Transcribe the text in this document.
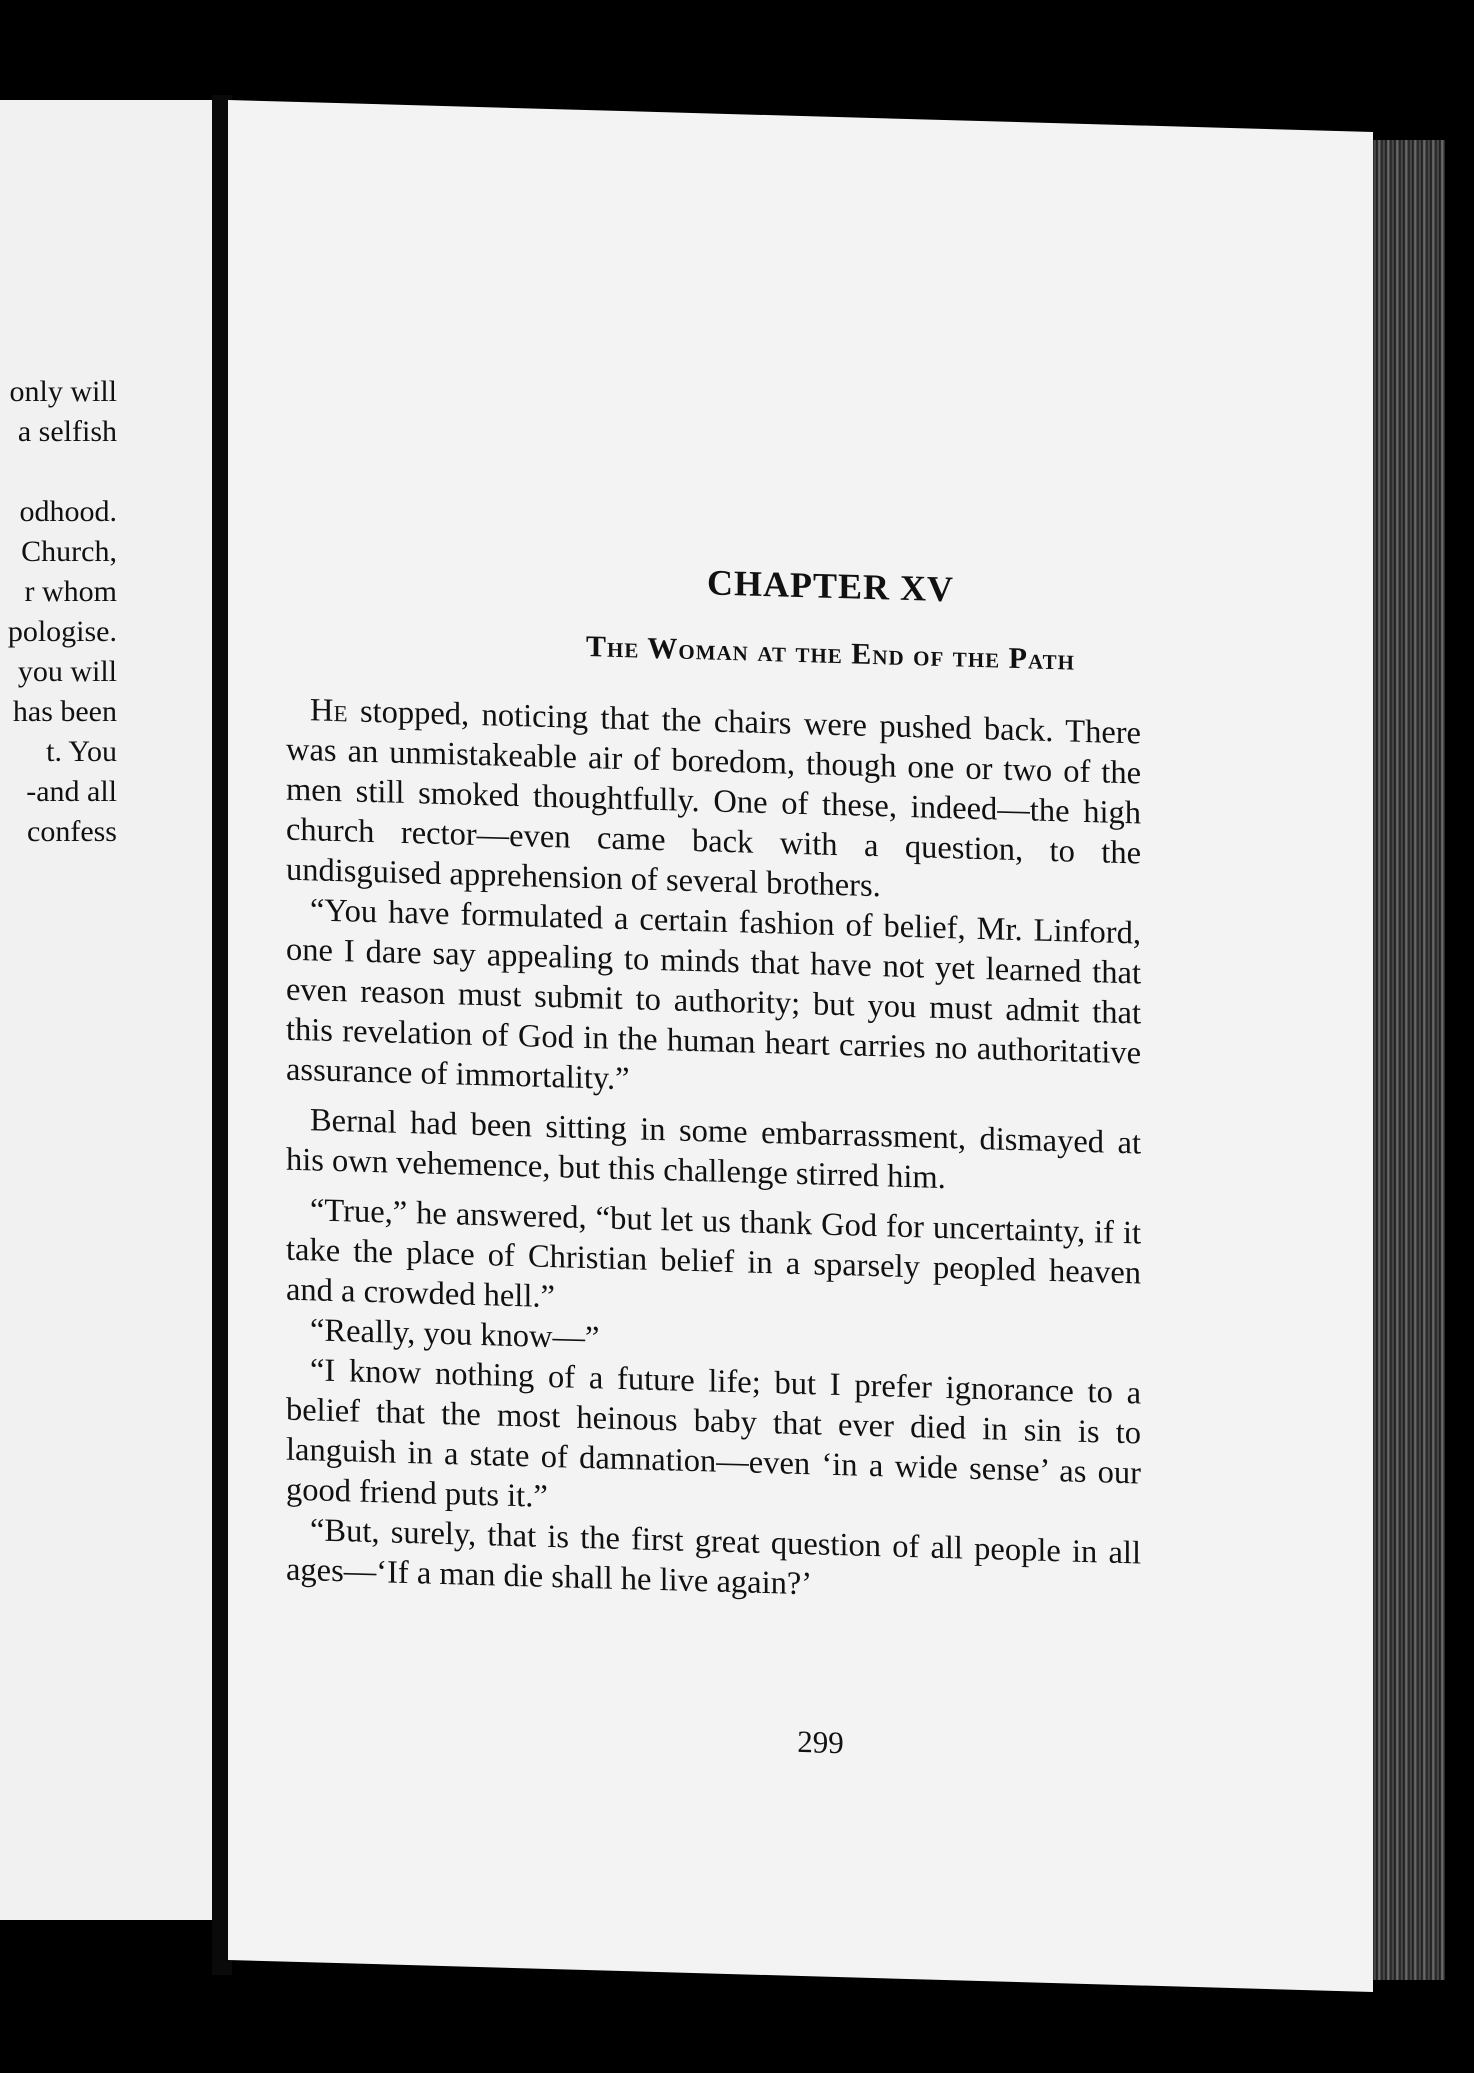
only will
a selfish
odhood.
Church,
r whom
pologise.
you will
has been
t. You
-and all
confess
CHAPTER XV
The Woman at the End of the Path

He stopped, noticing that the chairs were pushed back. There was an unmistakeable air of boredom, though one or two of the men still smoked thoughtfully. One of these, indeed—the high church rector—even came back with a question, to the undisguised apprehension of several brothers.

“You have formulated a certain fashion of belief, Mr. Linford, one I dare say appealing to minds that have not yet learned that even reason must submit to authority; but you must admit that this revelation of God in the human heart carries no authoritative assurance of immortality.”

Bernal had been sitting in some embarrassment, dismayed at his own vehemence, but this challenge stirred him.

“True,” he answered, “but let us thank God for uncertainty, if it take the place of Christian belief in a sparsely peopled heaven and a crowded hell.”

“Really, you know—”

“I know nothing of a future life; but I prefer ignorance to a belief that the most heinous baby that ever died in sin is to languish in a state of damnation—even ‘in a wide sense’ as our good friend puts it.”

“But, surely, that is the first great question of all people in all ages—‘If a man die shall he live again?’

299
